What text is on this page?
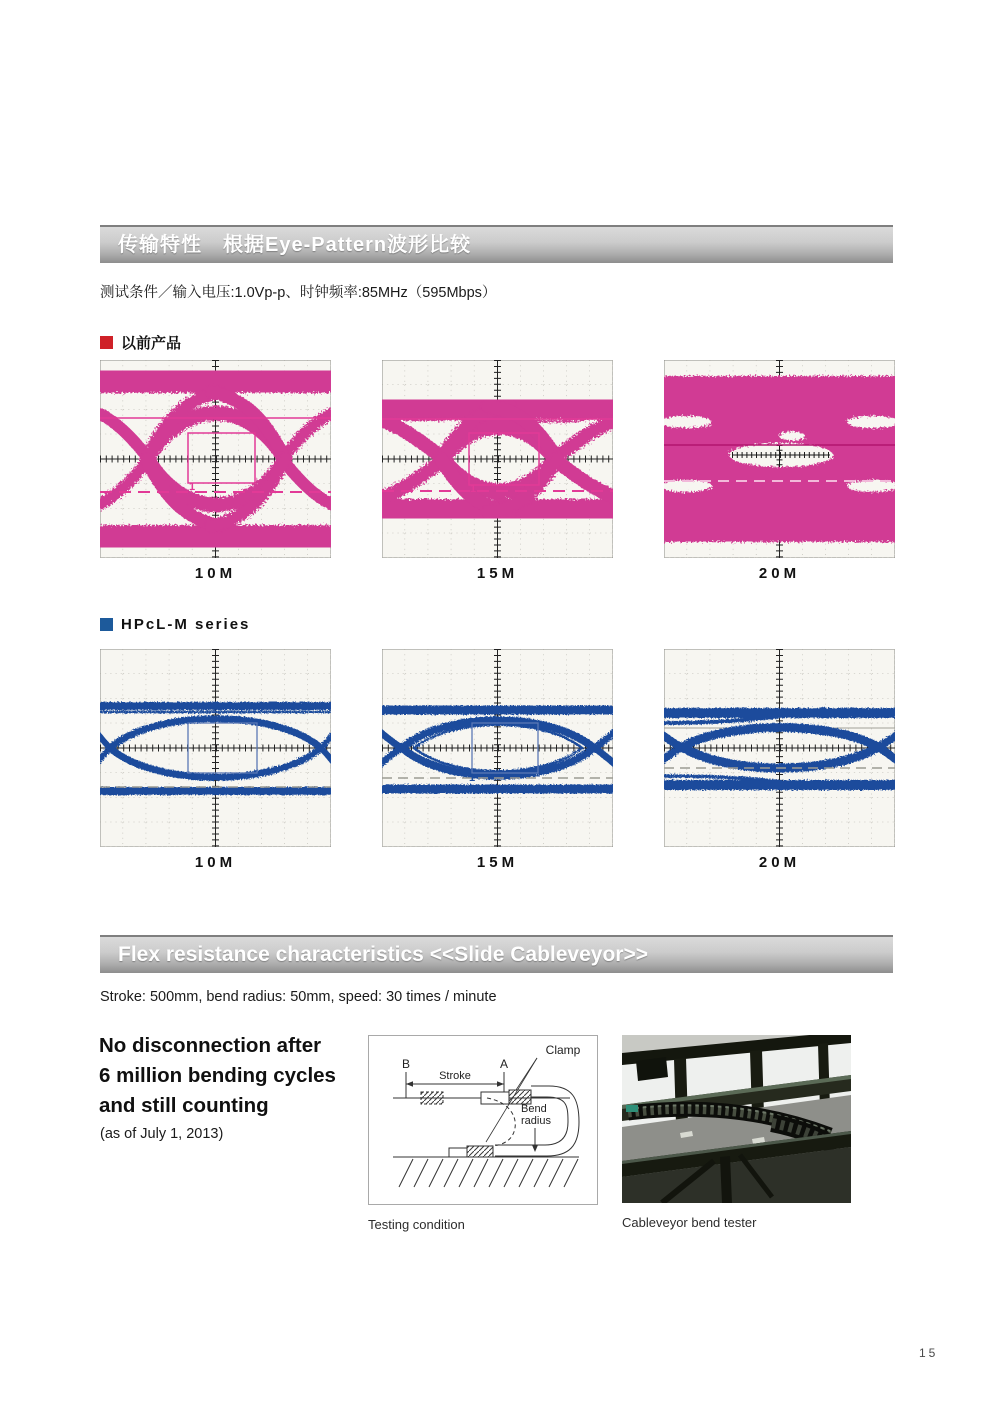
传输特性　根据Eye-Pattern波形比较
测试条件／输入电压:1.0Vp-p、时钟频率:85MHz（595Mbps）
以前产品
1
10M
1
15M	20M
HPcL-M series
1
10M
1
15M	20M
Flex resistance characteristics <<Slide Cableveyor>>
Stroke: 500mm, bend radius: 50mm, speed: 30 times / minute
No disconnection after
6 million bending cycles
and still counting
(as of July 1, 2013)
B	A
Stroke
Clamp
Bend
radius
Testing condition	Cableveyor bend tester
15
